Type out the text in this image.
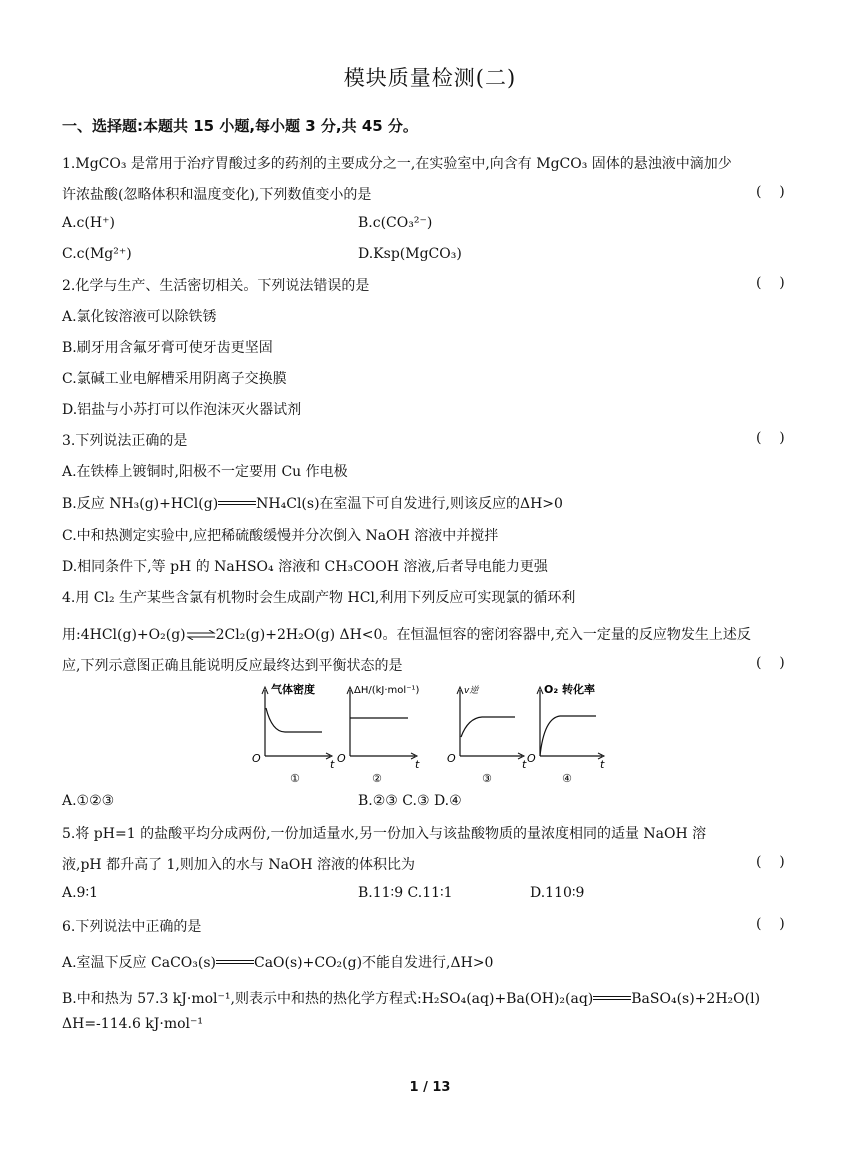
模块质量检测(二)
一、选择题:本题共 15 小题,每小题 3 分,共 45 分。
1.MgCO₃ 是常用于治疗胃酸过多的药剂的主要成分之一,在实验室中,向含有 MgCO₃ 固体的悬浊液中滴加少
许浓盐酸(忽略体积和温度变化),下列数值变小的是	(    )
A.c(H⁺)	B.c(CO₃²⁻)
C.c(Mg²⁺)	D.Ksp(MgCO₃)
2.化学与生产、生活密切相关。下列说法错误的是	(    )
A.氯化铵溶液可以除铁锈
B.刷牙用含氟牙膏可使牙齿更坚固
C.氯碱工业电解槽采用阴离子交换膜
D.铝盐与小苏打可以作泡沫灭火器试剂
3.下列说法正确的是	(    )
A.在铁棒上镀铜时,阳极不一定要用 Cu 作电极
B.反应 NH₃(g)+HCl(g)	NH₄Cl(s)在室温下可自发进行,则该反应的ΔH>0
C.中和热测定实验中,应把稀硫酸缓慢并分次倒入 NaOH 溶液中并搅拌
D.相同条件下,等 pH 的 NaHSO₄ 溶液和 CH₃COOH 溶液,后者导电能力更强
4.用 Cl₂ 生产某些含氯有机物时会生成副产物 HCl,利用下列反应可实现氯的循环利
用:4HCl(g)+O₂(g)⇌2Cl₂(g)+2H₂O(g) ΔH<0。在恒温恒容的密闭容器中,充入一定量的反应物发生上述反
应,下列示意图正确且能说明反应最终达到平衡状态的是	(    )
气体密度
O	t
①
ΔH/(kJ·mol⁻¹)
O	t
②
v逆
O	t
③
O₂ 转化率
O	t
④
A.①②③	B.②③ C.③ D.④
5.将 pH=1 的盐酸平均分成两份,一份加适量水,另一份加入与该盐酸物质的量浓度相同的适量 NaOH 溶
液,pH 都升高了 1,则加入的水与 NaOH 溶液的体积比为	(    )
A.9∶1	B.11∶9 C.11∶1	D.110∶9
6.下列说法中正确的是	(    )
A.室温下反应 CaCO₃(s)	CaO(s)+CO₂(g)不能自发进行,ΔH>0
B.中和热为 57.3 kJ·mol⁻¹,则表示中和热的热化学方程式:H₂SO₄(aq)+Ba(OH)₂(aq)	BaSO₄(s)+2H₂O(l)
ΔH=-114.6 kJ·mol⁻¹
1 / 13
